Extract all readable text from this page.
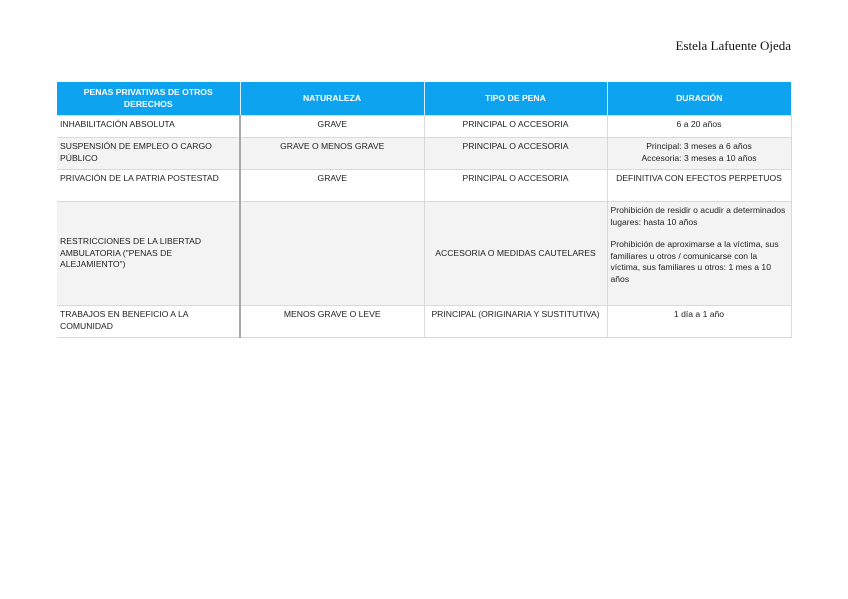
Estela Lafuente Ojeda
PENAS PRIVATIVAS DE OTROS DERECHOS	NATURALEZA	TIPO DE PENA	DURACIÓN
INHABILITACIÓN ABSOLUTA	GRAVE	PRINCIPAL O ACCESORIA	6 a 20 años

SUSPENSIÓN DE EMPLEO O CARGO PÚBLICO	GRAVE O MENOS GRAVE	PRINCIPAL O ACCESORIA	Principal: 3 meses a 6 años
Accesoria: 3 meses a 10 años

PRIVACIÓN DE LA PATRIA POSTESTAD	GRAVE	PRINCIPAL O ACCESORIA	DEFINITIVA CON EFECTOS PERPETUOS

RESTRICCIONES DE LA LIBERTAD AMBULATORIA ("PENAS DE ALEJAMIENTO")		ACCESORIA O MEDIDAS CAUTELARES	Prohibición de residir o acudir a determinados lugares: hasta 10 años
Prohibición de aproximarse a la víctima, sus familiares u otros / comunicarse con la víctima, sus familiares u otros: 1 mes a 10 años

TRABAJOS EN BENEFICIO A LA COMUNIDAD	MENOS GRAVE O LEVE	PRINCIPAL (ORIGINARIA Y SUSTITUTIVA)	1 día a 1 año
